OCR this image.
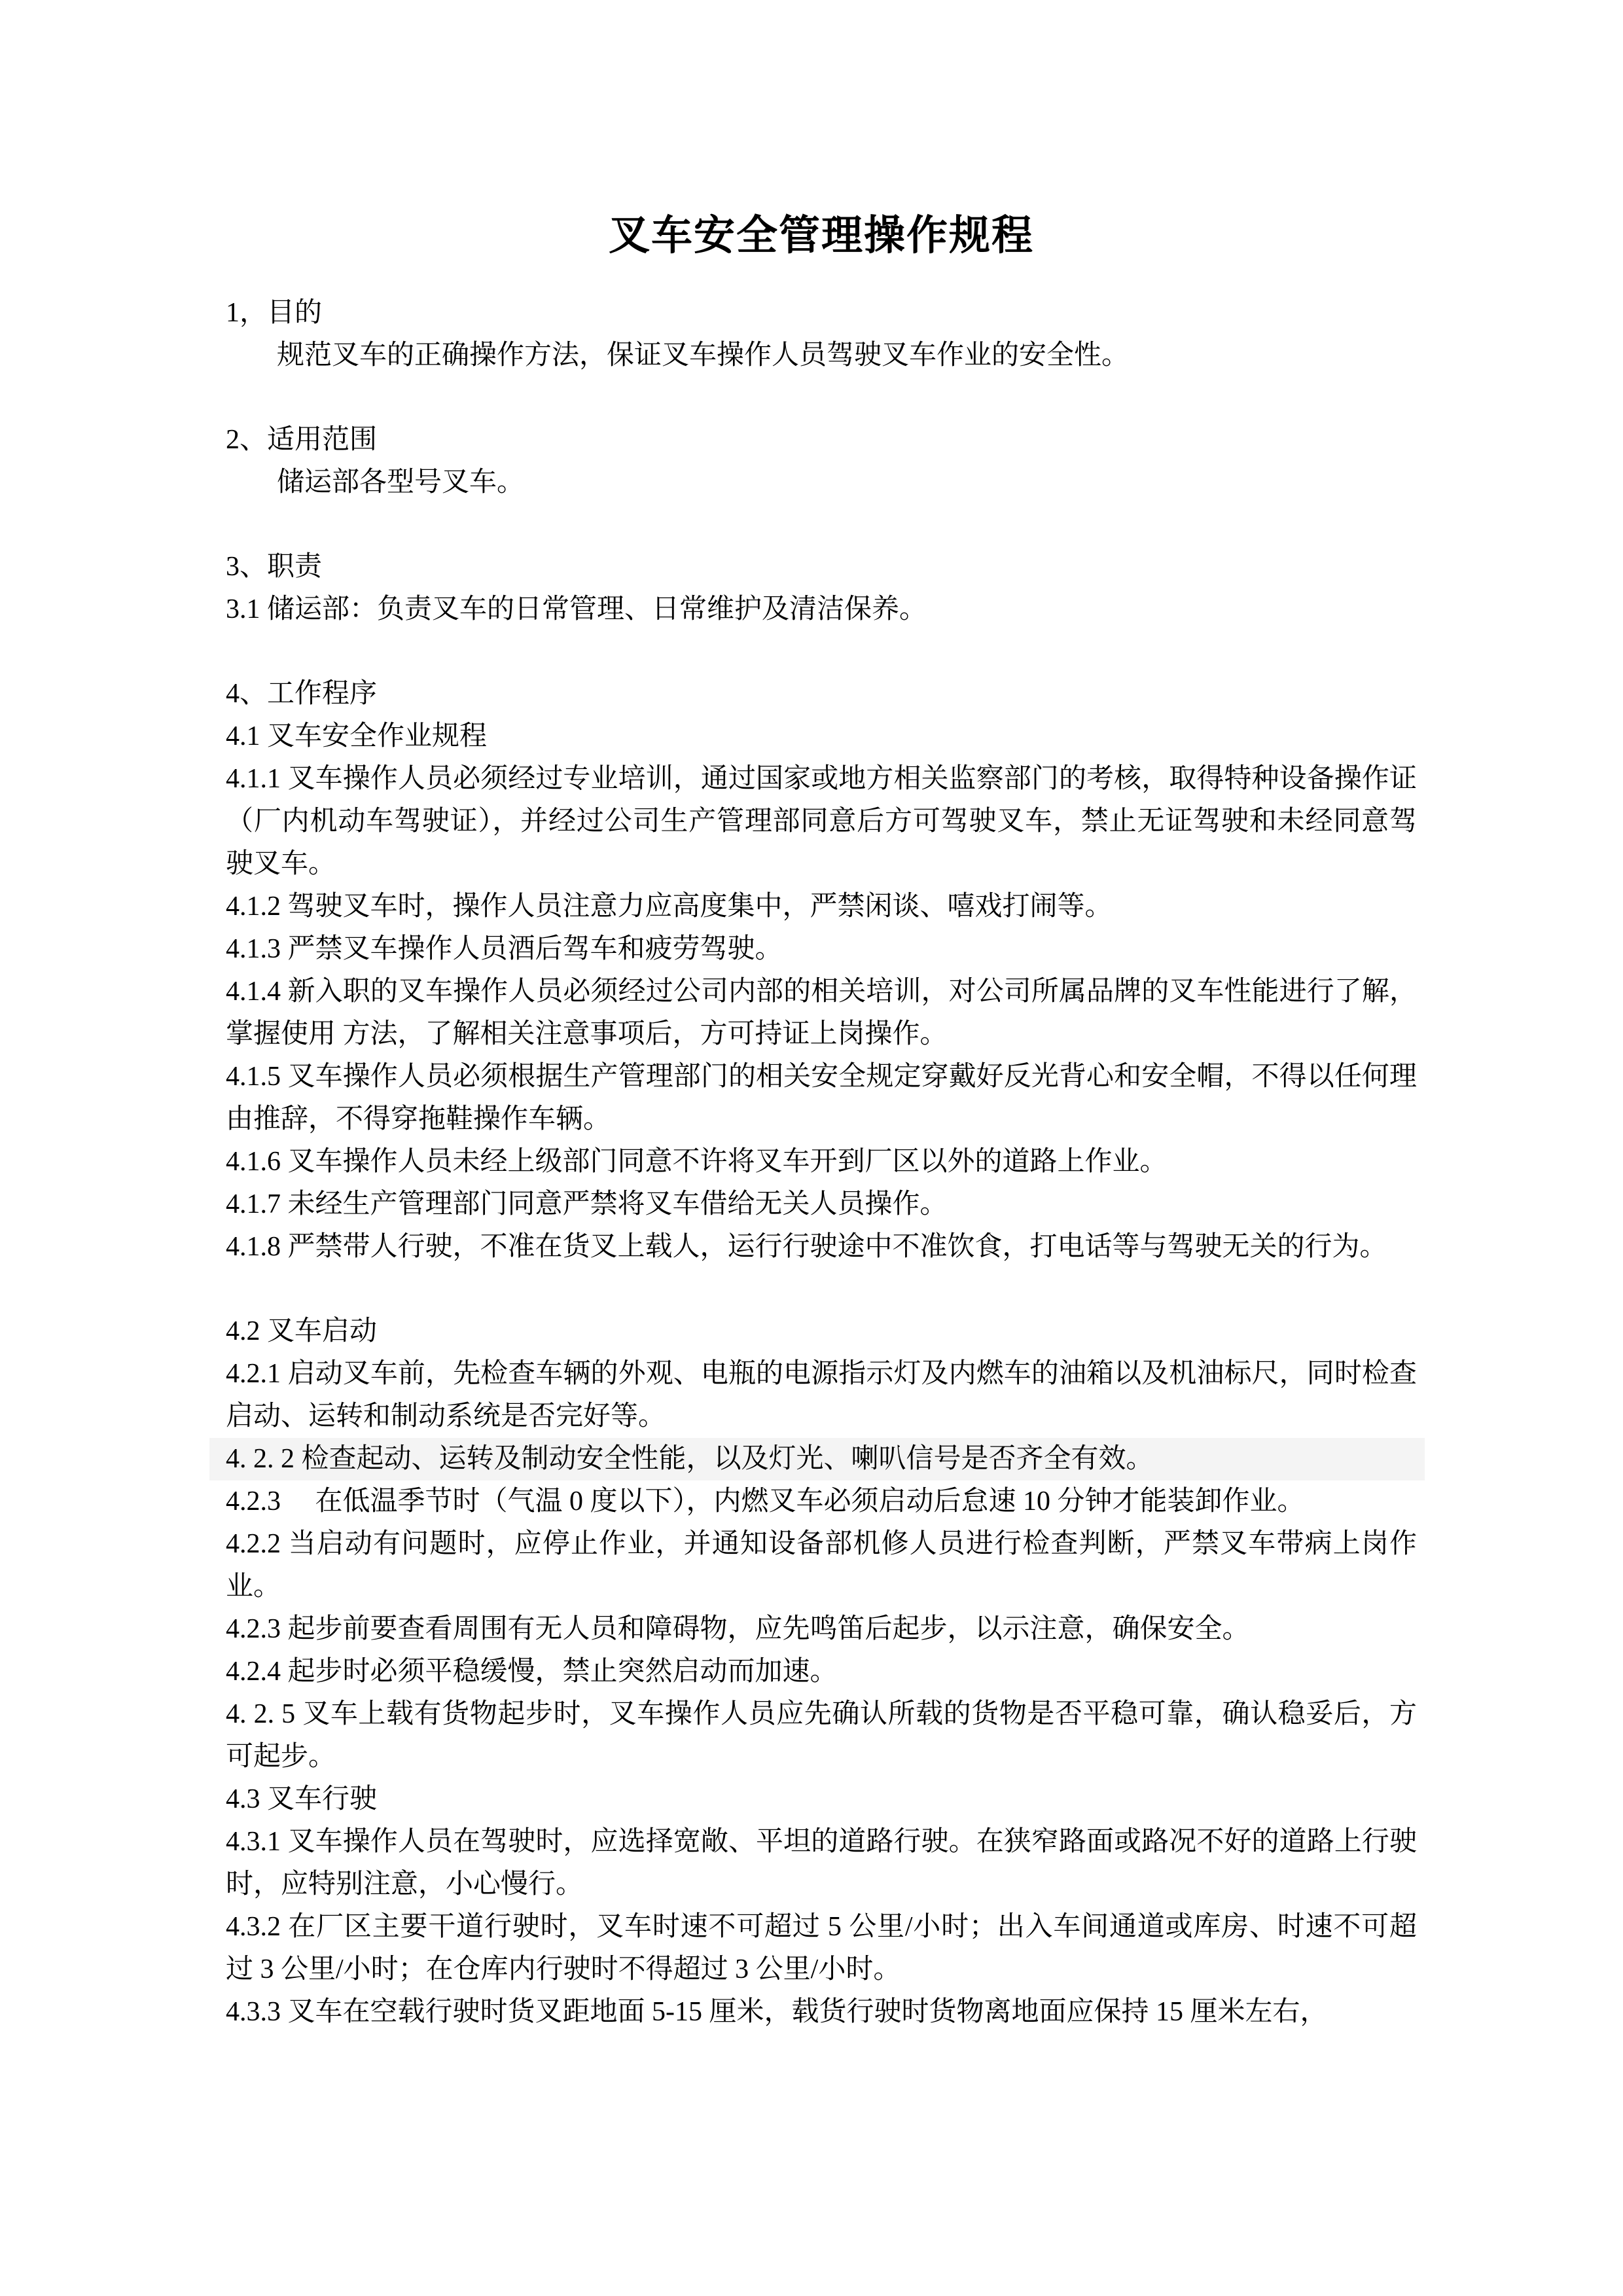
叉车安全管理操作规程

1，目的

规范叉车的正确操作方法，保证叉车操作人员驾驶叉车作业的安全性。

2、适用范围

储运部各型号叉车。

3、职责

3.1 储运部：负责叉车的日常管理、日常维护及清洁保养。

4、工作程序

4.1 叉车安全作业规程

4.1.1 叉车操作人员必须经过专业培训，通过国家或地方相关监察部门的考核，取得特种设备操作证（厂内机动车驾驶证），并经过公司生产管理部同意后方可驾驶叉车，禁止无证驾驶和未经同意驾驶叉车。

4.1.2 驾驶叉车时，操作人员注意力应高度集中，严禁闲谈、嘻戏打闹等。

4.1.3 严禁叉车操作人员酒后驾车和疲劳驾驶。

4.1.4 新入职的叉车操作人员必须经过公司内部的相关培训，对公司所属品牌的叉车性能进行了解，掌握使用 方法，了解相关注意事项后，方可持证上岗操作。

4.1.5 叉车操作人员必须根据生产管理部门的相关安全规定穿戴好反光背心和安全帽，不得以任何理由推辞，不得穿拖鞋操作车辆。

4.1.6 叉车操作人员未经上级部门同意不许将叉车开到厂区以外的道路上作业。

4.1.7 未经生产管理部门同意严禁将叉车借给无关人员操作。

4.1.8 严禁带人行驶，不准在货叉上载人，运行行驶途中不准饮食，打电话等与驾驶无关的行为。

4.2 叉车启动

4.2.1 启动叉车前，先检查车辆的外观、电瓶的电源指示灯及内燃车的油箱以及机油标尺，同时检查启动、运转和制动系统是否完好等。

4. 2. 2 检查起动、运转及制动安全性能，以及灯光、喇叭信号是否齐全有效。

4.2.3　 在低温季节时（气温 0 度以下），内燃叉车必须启动后怠速 10 分钟才能装卸作业。

4.2.2 当启动有问题时，应停止作业，并通知设备部机修人员进行检查判断，严禁叉车带病上岗作业。

4.2.3 起步前要查看周围有无人员和障碍物，应先鸣笛后起步，以示注意，确保安全。

4.2.4 起步时必须平稳缓慢，禁止突然启动而加速。

4. 2. 5 叉车上载有货物起步时，叉车操作人员应先确认所载的货物是否平稳可靠，确认稳妥后，方可起步。

4.3 叉车行驶

4.3.1 叉车操作人员在驾驶时，应选择宽敞、平坦的道路行驶。在狭窄路面或路况不好的道路上行驶时，应特别注意，小心慢行。

4.3.2 在厂区主要干道行驶时，叉车时速不可超过 5 公里/小时；出入车间通道或库房、时速不可超过 3 公里/小时；在仓库内行驶时不得超过 3 公里/小时。

4.3.3 叉车在空载行驶时货叉距地面 5-15 厘米，载货行驶时货物离地面应保持 15 厘米左右，
